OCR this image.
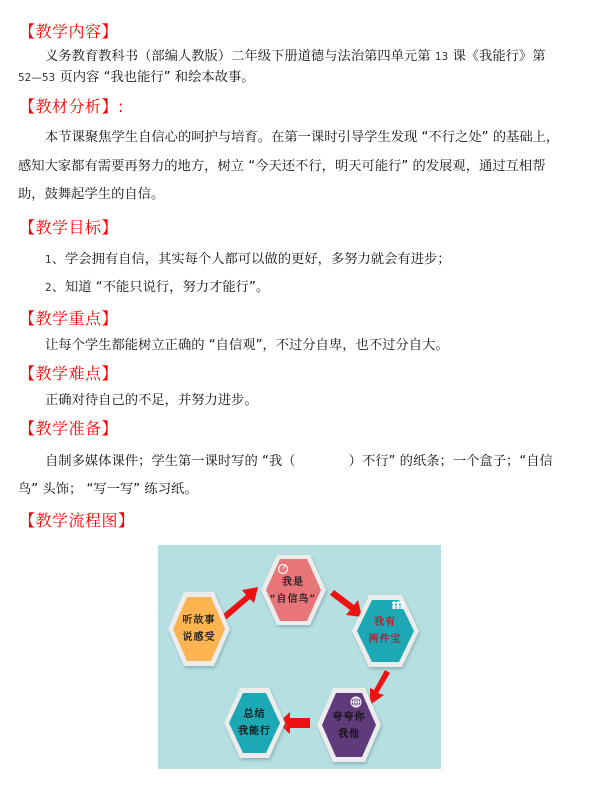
【教学内容】
义务教育教科书（部编人教版）二年级下册道德与法治第四单元第 13 课《我能行》第
52—53 页内容 “我也能行” 和绘本故事。
【教材分析】:
本节课聚焦学生自信心的呵护与培育。在第一课时引导学生发现 “不行之处” 的基础上，
感知大家都有需要再努力的地方，树立 “今天还不行，明天可能行” 的发展观，通过互相帮
助，鼓舞起学生的自信。
【教学目标】
1、学会拥有自信，其实每个人都可以做的更好，多努力就会有进步；
2、知道 “不能只说行，努力才能行”。
【教学重点】
让每个学生都能树立正确的 “自信观”，不过分自卑，也不过分自大。
【教学难点】
正确对待自己的不足，并努力进步。
【教学准备】
自制多媒体课件；学生第一课时写的 “我（　　　　）不行” 的纸条；一个盒子；“自信
鸟” 头饰； “写一写” 练习纸。
【教学流程图】
听故事
说感受
我是
“自信鸟”
我有
两件宝
夸夸你
我他
总结
我能行
